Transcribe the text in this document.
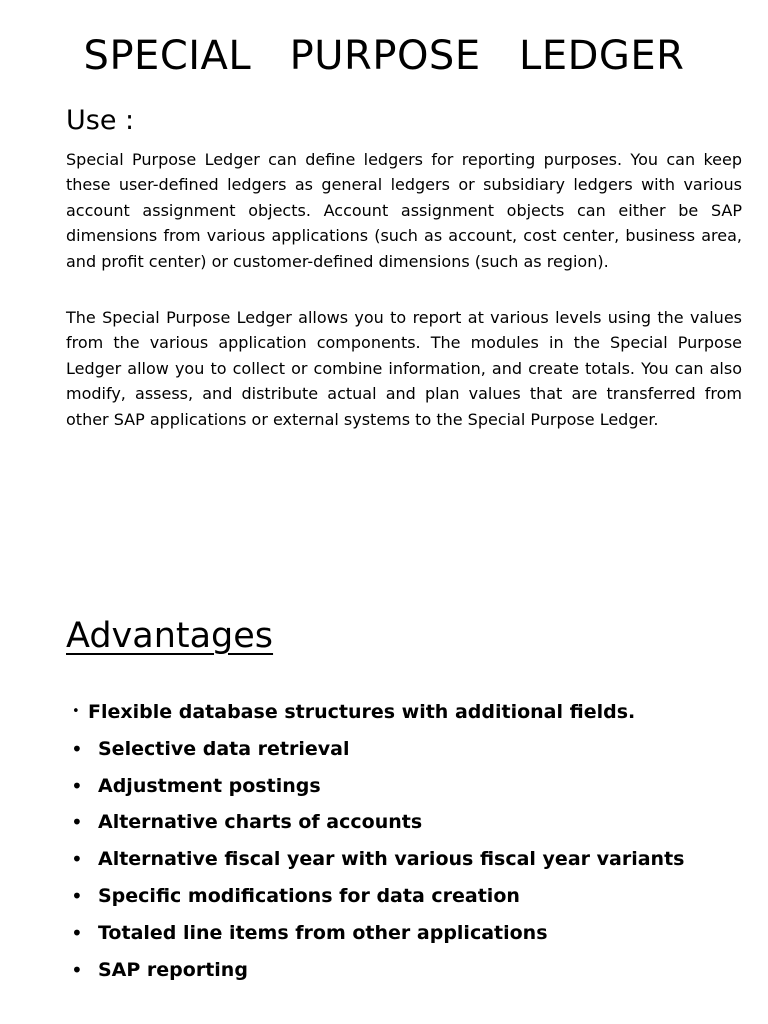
SPECIAL  PURPOSE  LEDGER
Use :

Special Purpose Ledger can define ledgers for reporting purposes. You can keep these user-defined ledgers as general ledgers or subsidiary ledgers with various account assignment objects. Account assignment objects can either be SAP dimensions from various applications (such as account, cost center, business area, and profit center) or customer-defined dimensions (such as region).

The Special Purpose Ledger allows you to report at various levels using the values from the various application components. The modules in the Special Purpose Ledger allow you to collect or combine information, and create totals. You can also modify, assess, and distribute actual and plan values that are transferred from other SAP applications or external systems to the Special Purpose Ledger.

Advantages
• Flexible database structures with additional fields.
• Selective data retrieval
• Adjustment postings
• Alternative charts of accounts
• Alternative fiscal year with various fiscal year variants
• Specific modifications for data creation
• Totaled line items from other applications
• SAP reporting
